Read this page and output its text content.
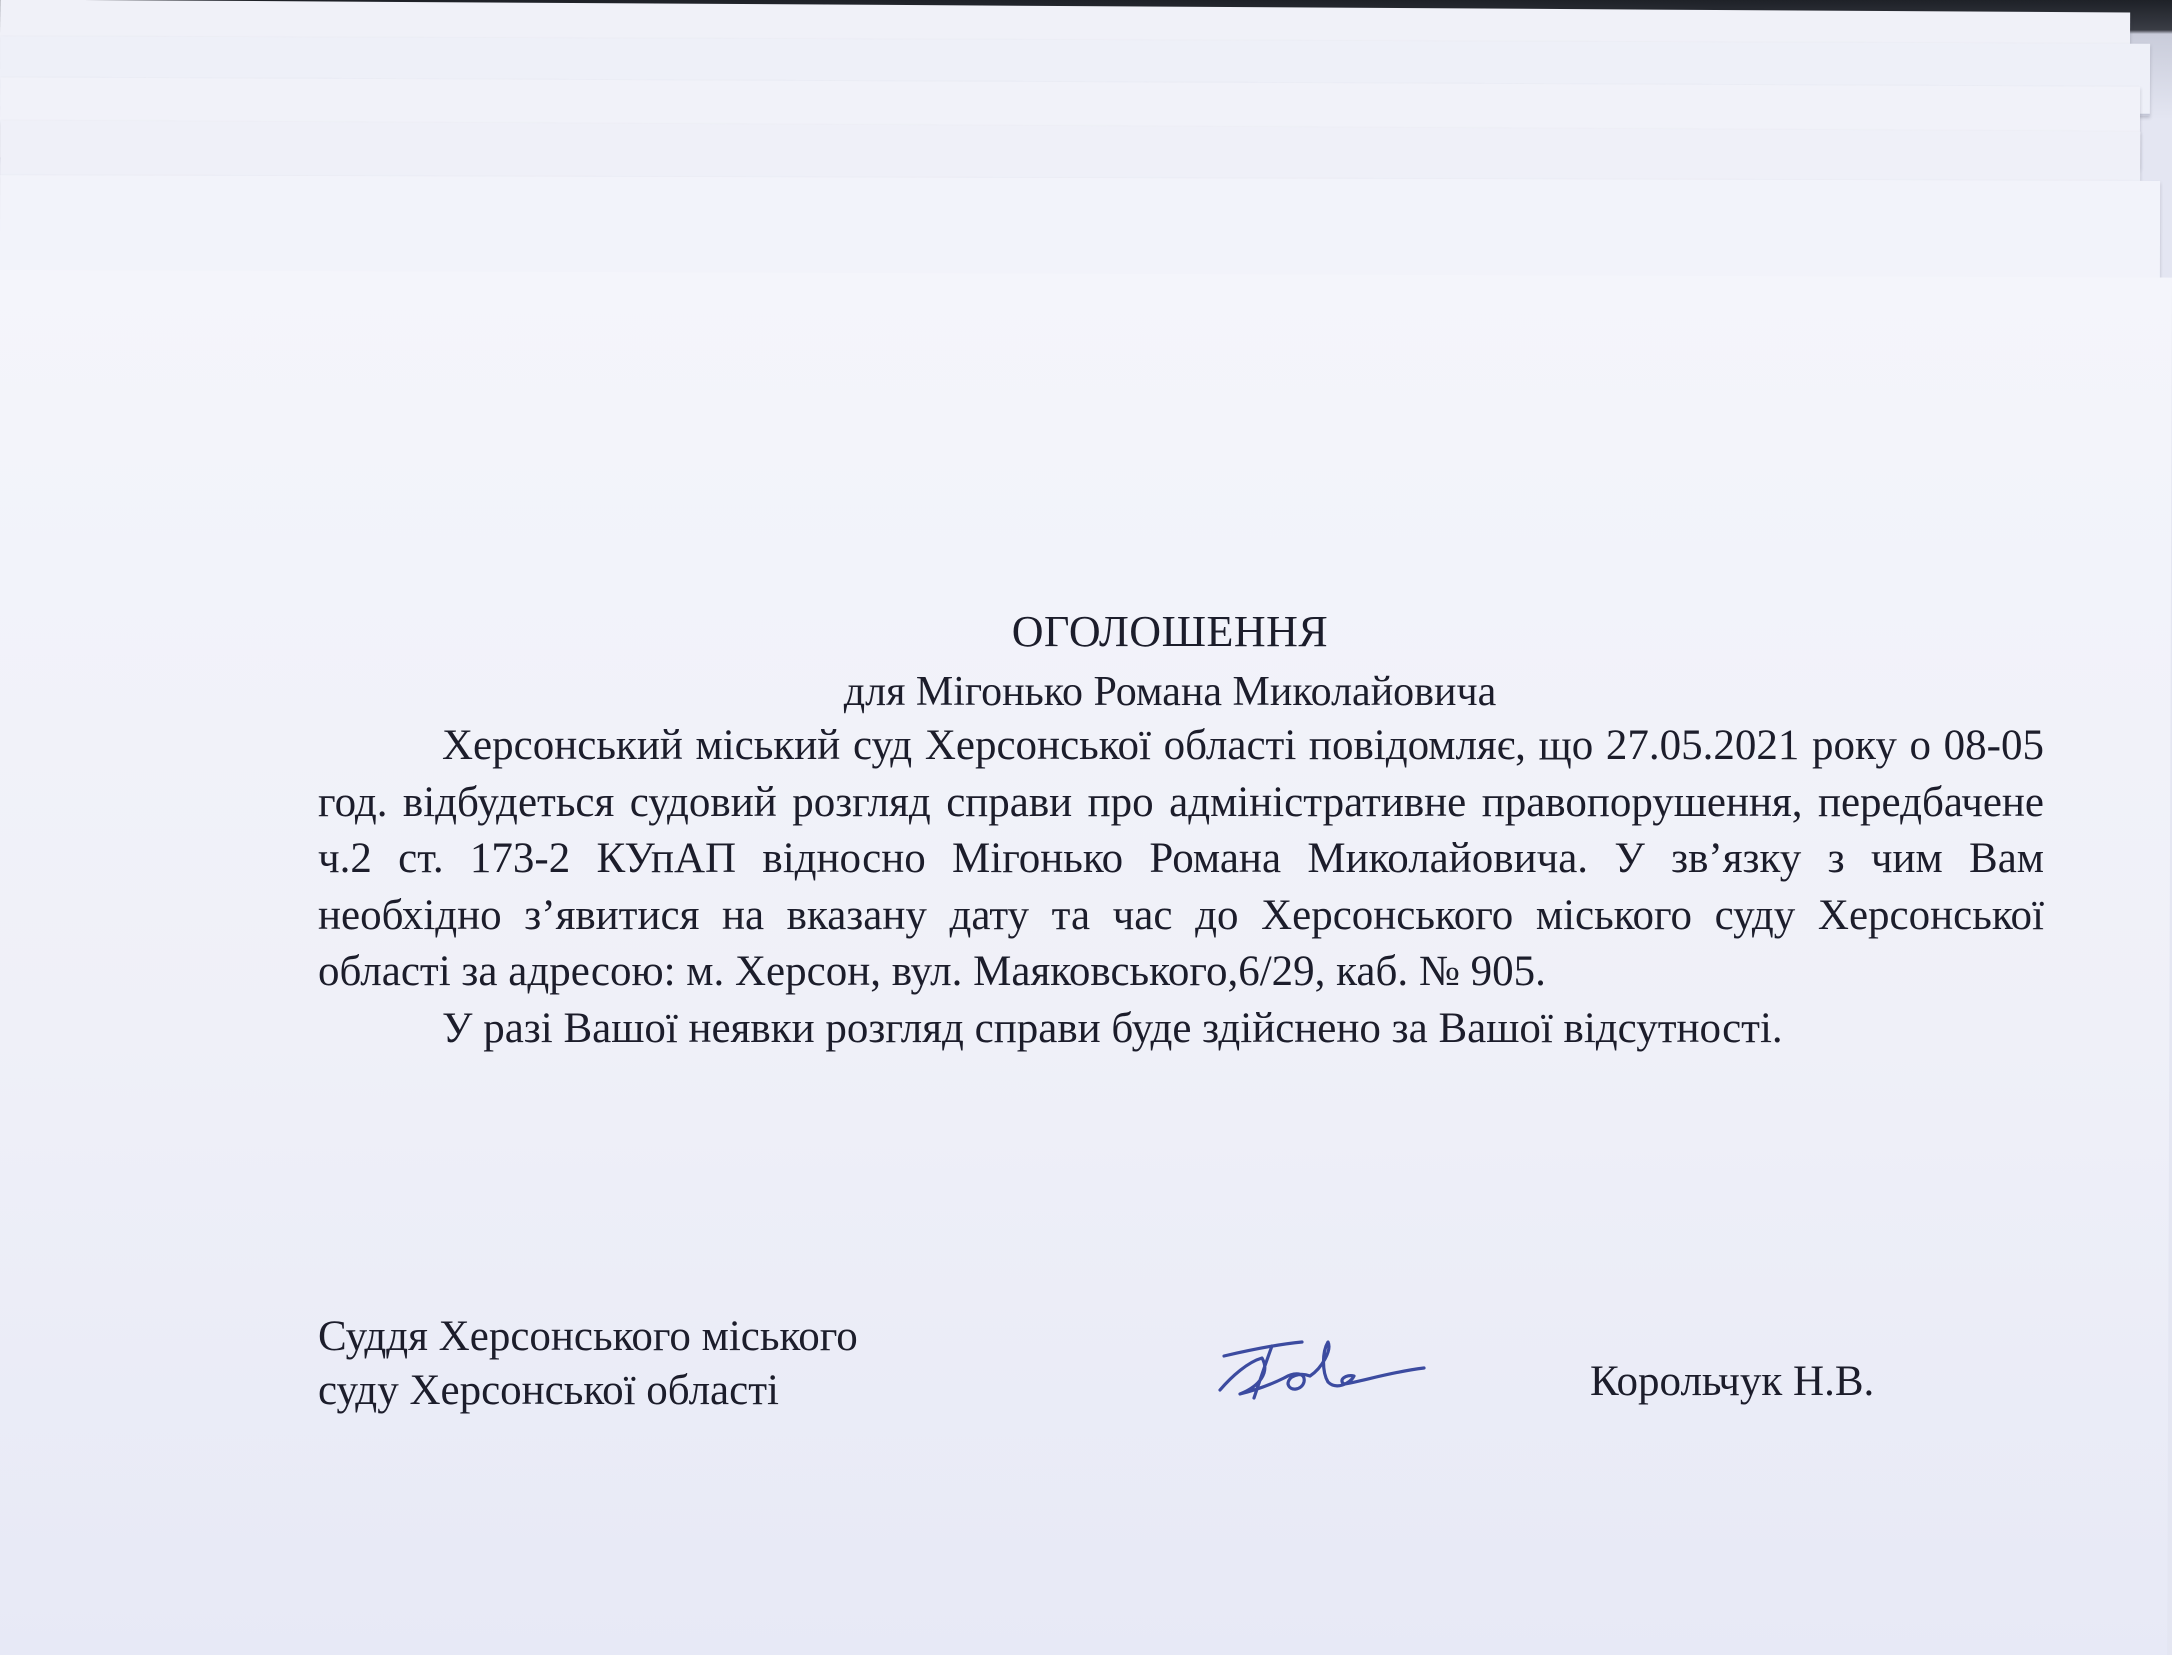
ОГОЛОШЕННЯ
для Мігонько Романа Миколайовича

Херсонський міський суд Херсонської області повідомляє, що 27.05.2021 року о 08-05 год. відбудеться судовий розгляд справи про адміністративне правопорушення, передбачене ч.2 ст. 173-2 КУпАП відносно Мігонько Романа Миколайовича. У зв’язку з чим Вам необхідно з’явитися на вказану дату та час до Херсонського міського суду Херсонської області за адресою: м. Херсон, вул. Маяковського,6/29, каб. № 905.

У разі Вашої неявки розгляд справи буде здійснено за Вашої відсутності.

Суддя Херсонського міського
суду Херсонської області	Корольчук Н.В.
